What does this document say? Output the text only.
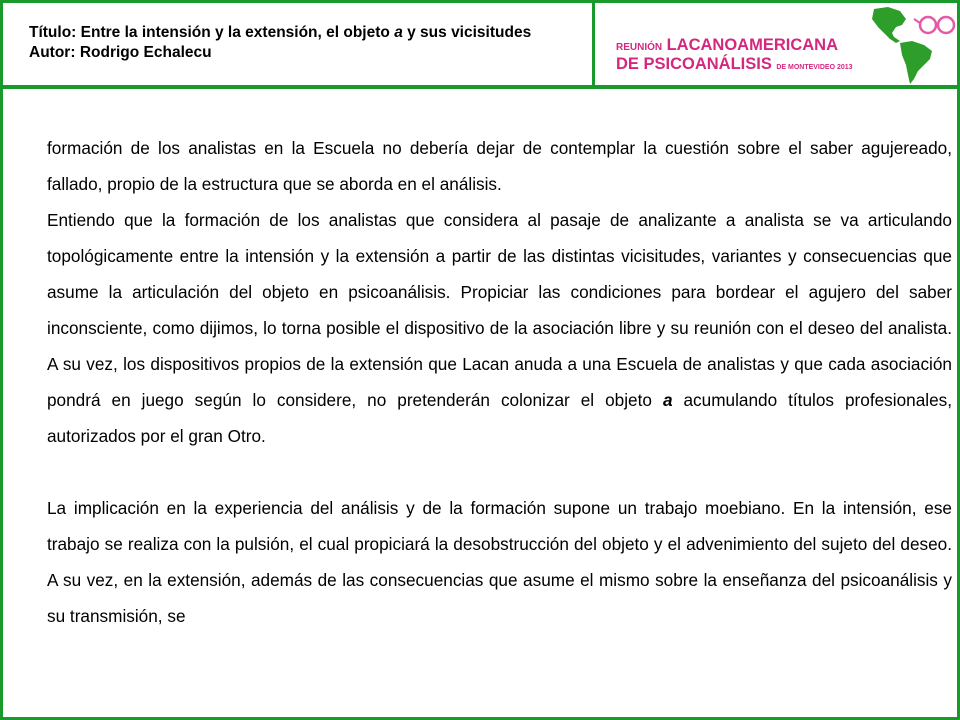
Título: Entre la intensión y la extensión, el objeto a y sus vicisitudes
Autor: Rodrigo Echalecu	REUNIÓN LACANOAMERICANA
DE PSICOANÁLISIS DE MONTEVIDEO 2013

formación de los analistas en la Escuela no debería dejar de contemplar la cuestión sobre el saber agujereado, fallado, propio de la estructura que se aborda en el análisis.

Entiendo que la formación de los analistas que considera al pasaje de analizante a analista se va articulando topológicamente entre la intensión y la extensión a partir de las distintas vicisitudes, variantes y consecuencias que asume la articulación del objeto en psicoanálisis. Propiciar las condiciones para bordear el agujero del saber inconsciente, como dijimos, lo torna posible el dispositivo de la asociación libre y su reunión con el deseo del analista. A su vez, los dispositivos propios de la extensión que Lacan anuda a una Escuela de analistas y que cada asociación pondrá en juego según lo considere, no pretenderán colonizar el objeto a acumulando títulos profesionales, autorizados por el gran Otro.

La implicación en la experiencia del análisis y de la formación supone un trabajo moebiano. En la intensión, ese trabajo se realiza con la pulsión, el cual propiciará la desobstrucción del objeto y el advenimiento del sujeto del deseo. A su vez, en la extensión, además de las consecuencias que asume el mismo sobre la enseñanza del psicoanálisis y su transmisión, se
